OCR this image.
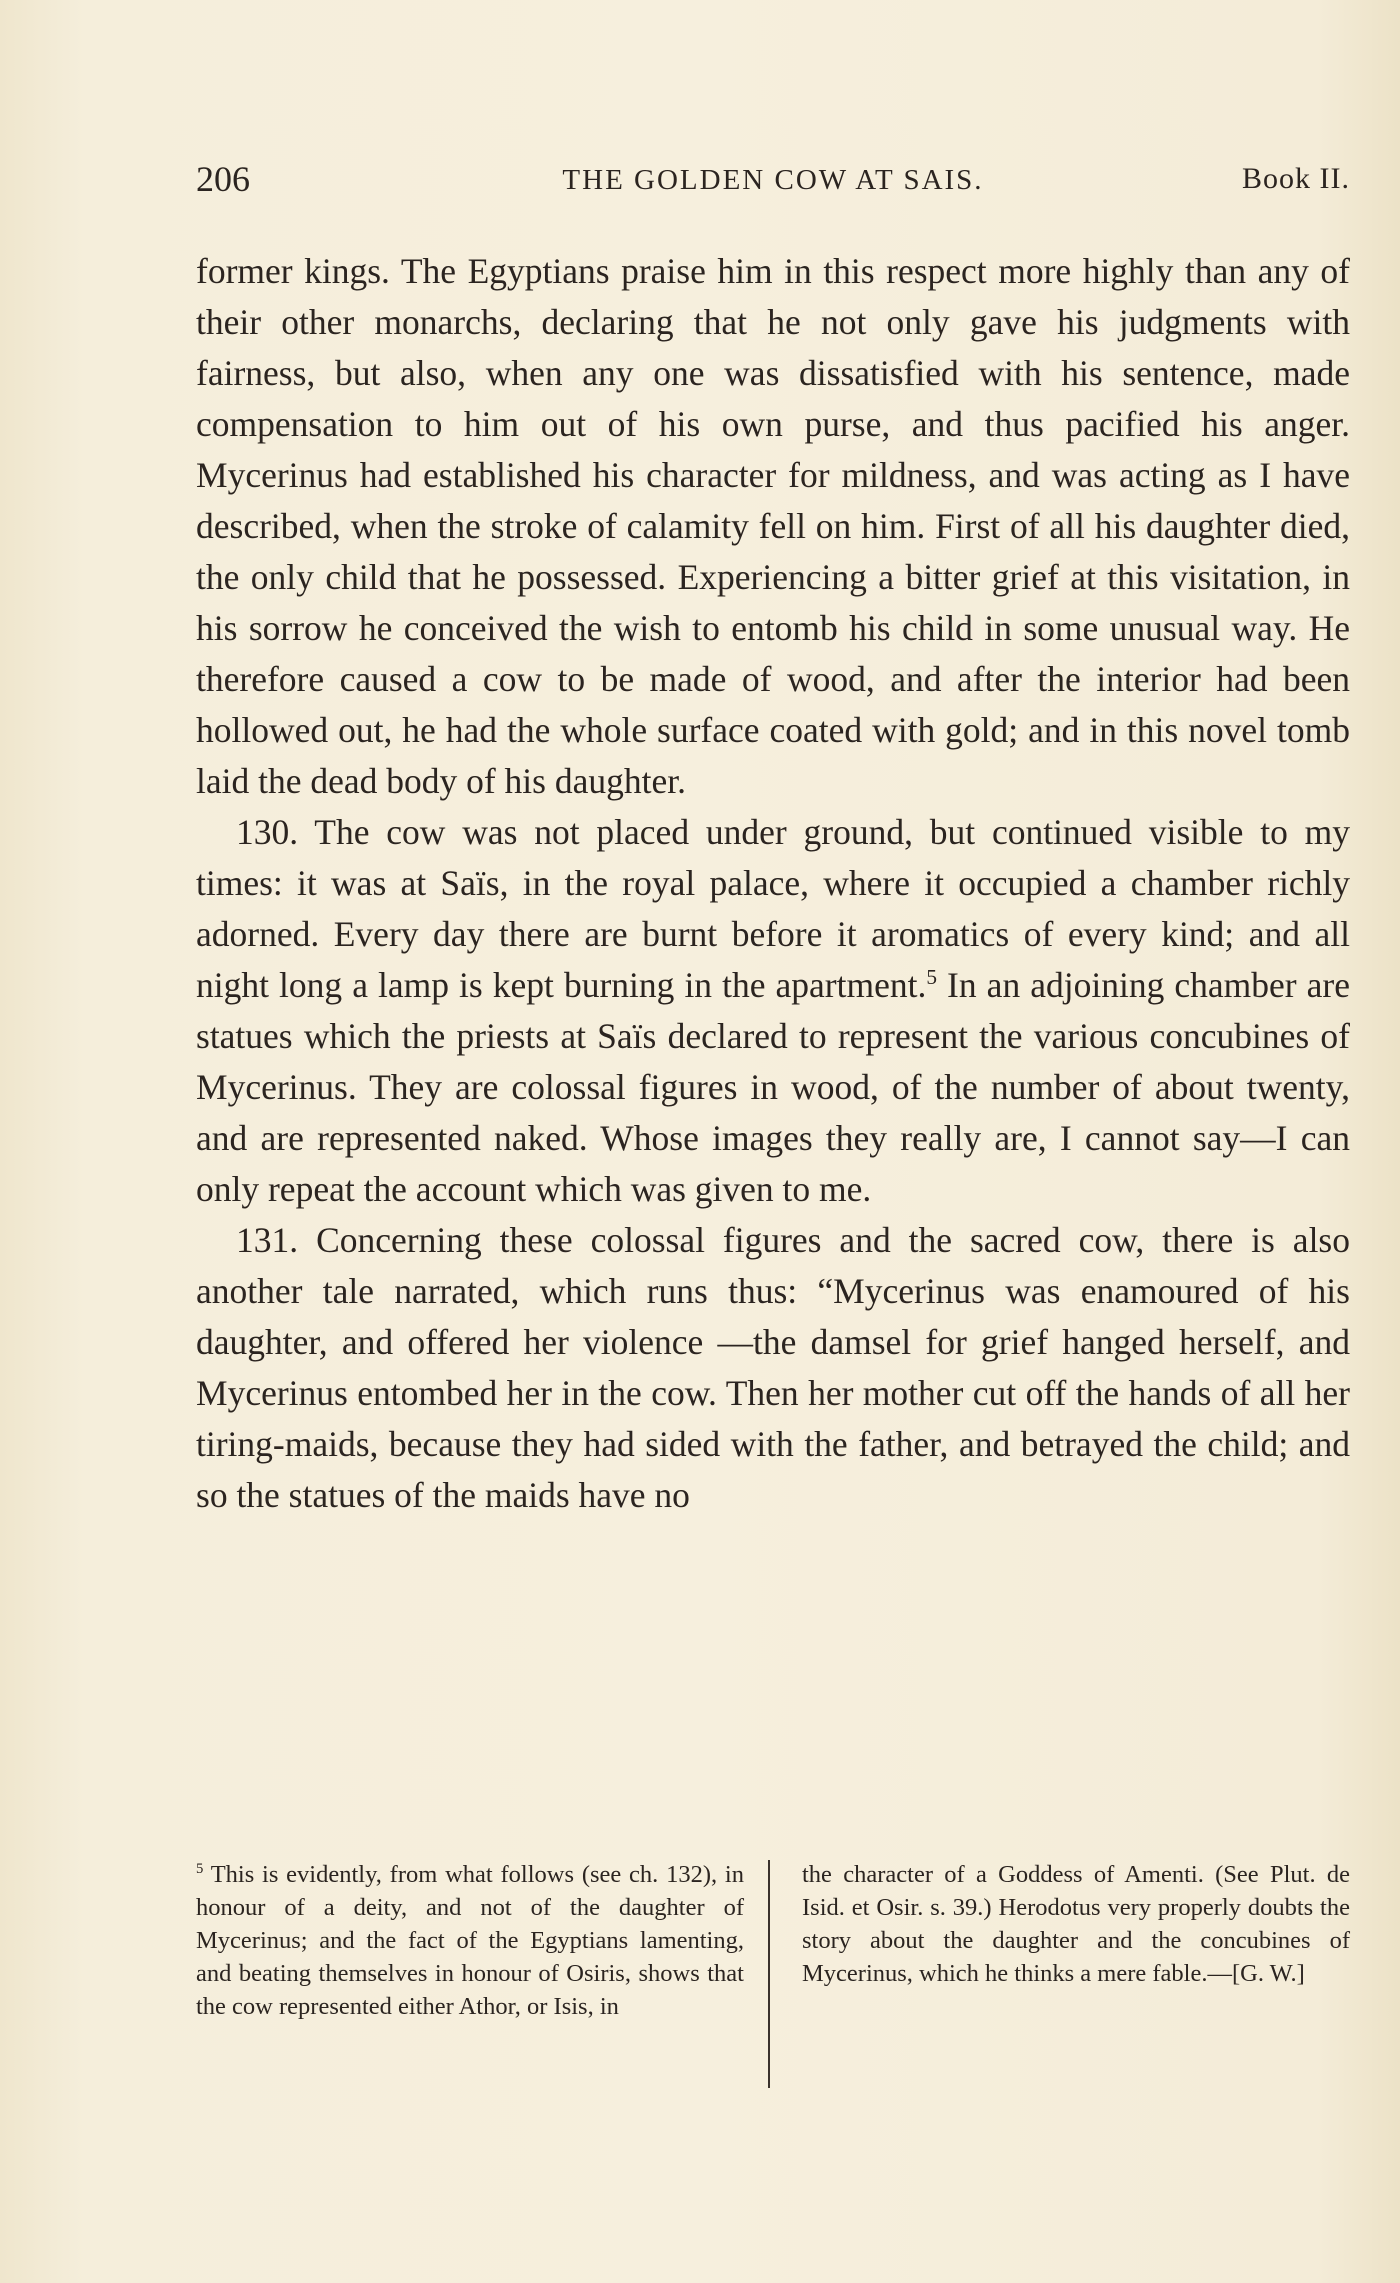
206	THE GOLDEN COW AT SAIS.	Book II.

former kings. The Egyptians praise him in this respect more highly than any of their other monarchs, declaring that he not only gave his judgments with fairness, but also, when any one was dissatisfied with his sentence, made compensation to him out of his own purse, and thus pacified his anger. Mycerinus had established his character for mildness, and was acting as I have described, when the stroke of calamity fell on him. First of all his daughter died, the only child that he possessed. Experiencing a bitter grief at this visitation, in his sorrow he conceived the wish to entomb his child in some unusual way. He therefore caused a cow to be made of wood, and after the interior had been hollowed out, he had the whole surface coated with gold; and in this novel tomb laid the dead body of his daughter.

130. The cow was not placed under ground, but continued visible to my times: it was at Saïs, in the royal palace, where it occupied a chamber richly adorned. Every day there are burnt before it aromatics of every kind; and all night long a lamp is kept burning in the apartment.$^5$ In an adjoining chamber are statues which the priests at Saïs declared to represent the various concubines of Mycerinus. They are colossal figures in wood, of the number of about twenty, and are represented naked. Whose images they really are, I cannot say—I can only repeat the account which was given to me.

131. Concerning these colossal figures and the sacred cow, there is also another tale narrated, which runs thus: “Mycerinus was enamoured of his daughter, and offered her violence —the damsel for grief hanged herself, and Mycerinus entombed her in the cow. Then her mother cut off the hands of all her tiring-maids, because they had sided with the father, and betrayed the child; and so the statues of the maids have no

$^5$ This is evidently, from what follows (see ch. 132), in honour of a deity, and not of the daughter of Mycerinus; and the fact of the Egyptians lamenting, and beating themselves in honour of Osiris, shows that the cow represented either Athor, or Isis, in
the character of a Goddess of Amenti. (See Plut. de Isid. et Osir. s. 39.) Herodotus very properly doubts the story about the daughter and the concubines of Mycerinus, which he thinks a mere fable.—[G. W.]
